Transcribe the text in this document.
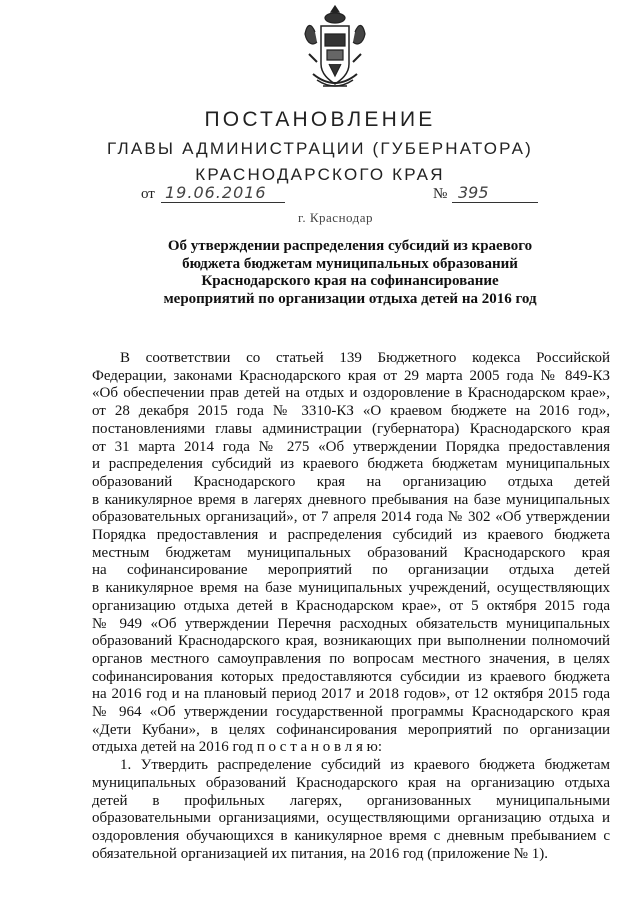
ПОСТАНОВЛЕНИЕ
ГЛАВЫ АДМИНИСТРАЦИИ (ГУБЕРНАТОРА)
КРАСНОДАРСКОГО КРАЯ
от 19.06.2016	№ 395
г. Краснодар
Об утверждении распределения субсидий из краевого
бюджета бюджетам муниципальных образований
Краснодарского края на софинансирование
мероприятий по организации отдыха детей на 2016 год
В соответствии со статьей 139 Бюджетного кодекса Российской
Федерации, законами Краснодарского края от 29 марта 2005 года № 849-КЗ
«Об обеспечении прав детей на отдых и оздоровление в Краснодарском крае»,
от 28 декабря 2015 года № 3310-КЗ «О краевом бюджете на 2016 год»,
постановлениями главы администрации (губернатора) Краснодарского края
от 31 марта 2014 года № 275 «Об утверждении Порядка предоставления
и распределения субсидий из краевого бюджета бюджетам муниципальных
образований Краснодарского края на организацию отдыха детей
в каникулярное время в лагерях дневного пребывания на базе муниципальных
образовательных организаций», от 7 апреля 2014 года № 302 «Об утверждении
Порядка предоставления и распределения субсидий из краевого бюджета
местным бюджетам муниципальных образований Краснодарского края
на софинансирование мероприятий по организации отдыха детей
в каникулярное время на базе муниципальных учреждений, осуществляющих
организацию отдыха детей в Краснодарском крае», от 5 октября 2015 года
№ 949 «Об утверждении Перечня расходных обязательств муниципальных
образований Краснодарского края, возникающих при выполнении полномочий
органов местного самоуправления по вопросам местного значения, в целях
софинансирования которых предоставляются субсидии из краевого бюджета
на 2016 год и на плановый период 2017 и 2018 годов», от 12 октября 2015 года
№ 964 «Об утверждении государственной программы Краснодарского края
«Дети Кубани», в целях софинансирования мероприятий по организации
отдыха детей на 2016 год п о с т а н о в л я ю:
1. Утвердить распределение субсидий из краевого бюджета бюджетам
муниципальных образований Краснодарского края на организацию отдыха
детей в профильных лагерях, организованных муниципальными
образовательными организациями, осуществляющими организацию отдыха и
оздоровления обучающихся в каникулярное время с дневным пребыванием с
обязательной организацией их питания, на 2016 год (приложение № 1).
